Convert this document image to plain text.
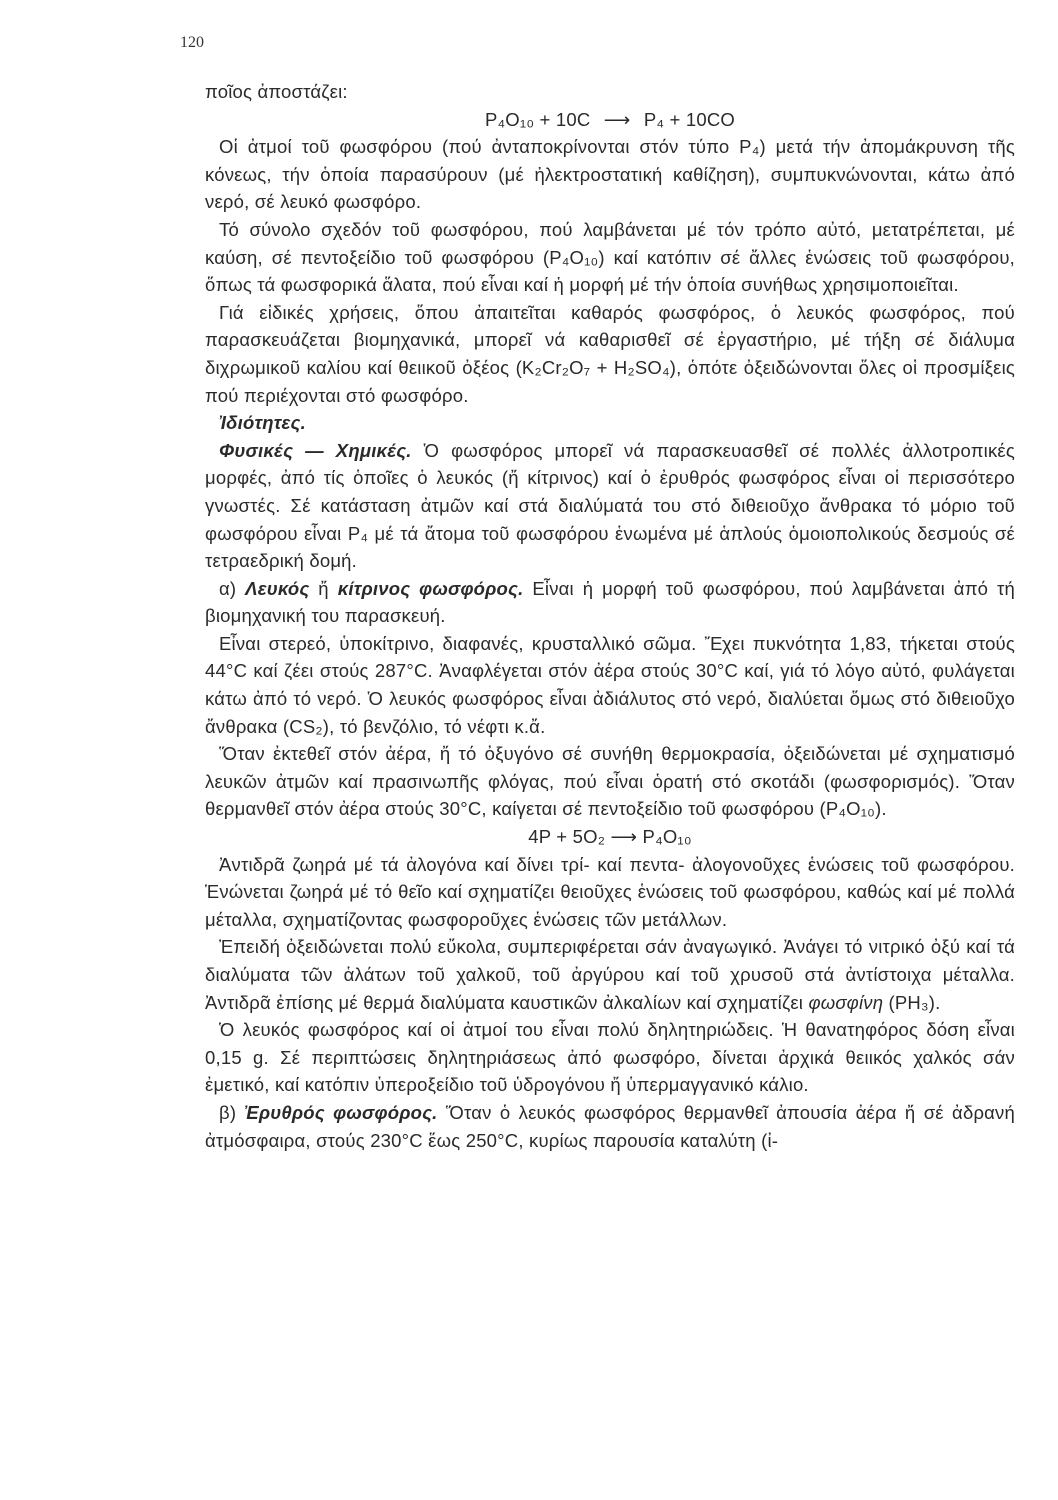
120

ποῖος ἀποστάζει:

P₄O₁₀ + 10C ⟶ P₄ + 10CO

Οἱ ἀτμοί τοῦ φωσφόρου (πού ἀνταποκρίνονται στόν τύπο P₄) μετά τήν ἀπομάκρυνση τῆς κόνεως, τήν ὁποία παρασύρουν (μέ ἠλεκτροστατική καθίζηση), συμπυκνώνονται, κάτω ἀπό νερό, σέ λευκό φωσφόρο.

Τό σύνολο σχεδόν τοῦ φωσφόρου, πού λαμβάνεται μέ τόν τρόπο αὐτό, μετατρέπεται, μέ καύση, σέ πεντοξείδιο τοῦ φωσφόρου (P₄O₁₀) καί κατόπιν σέ ἄλλες ἑνώσεις τοῦ φωσφόρου, ὅπως τά φωσφορικά ἅλατα, πού εἶναι καί ἡ μορφή μέ τήν ὁποία συνήθως χρησιμοποιεῖται.

Γιά εἰδικές χρήσεις, ὅπου ἀπαιτεῖται καθαρός φωσφόρος, ὁ λευκός φωσφόρος, πού παρασκευάζεται βιομηχανικά, μπορεῖ νά καθαρισθεῖ σέ ἐργαστήριο, μέ τήξη σέ διάλυμα διχρωμικοῦ καλίου καί θειικοῦ ὀξέος (K₂Cr₂O₇ + H₂SO₄), ὁπότε ὀξειδώνονται ὅλες οἱ προσμίξεις πού περιέχονται στό φωσφόρο.

Ἰδιότητες.

Φυσικές — Χημικές. Ὁ φωσφόρος μπορεῖ νά παρασκευασθεῖ σέ πολλές ἀλλοτροπικές μορφές, ἀπό τίς ὁποῖες ὁ λευκός (ἤ κίτρινος) καί ὁ ἐρυθρός φωσφόρος εἶναι οἱ περισσότερο γνωστές. Σέ κατάσταση ἀτμῶν καί στά διαλύματά του στό διθειοῦχο ἄνθρακα τό μόριο τοῦ φωσφόρου εἶναι P₄ μέ τά ἄτομα τοῦ φωσφόρου ἑνωμένα μέ ἁπλούς ὁμοιοπολικούς δεσμούς σέ τετραεδρική δομή.

α) Λευκός ἤ κίτρινος φωσφόρος. Εἶναι ἡ μορφή τοῦ φωσφόρου, πού λαμβάνεται ἀπό τή βιομηχανική του παρασκευή.

Εἶναι στερεό, ὑποκίτρινο, διαφανές, κρυσταλλικό σῶμα. Ἔχει πυκνότητα 1,83, τήκεται στούς 44°C καί ζέει στούς 287°C. Ἀναφλέγεται στόν ἀέρα στούς 30°C καί, γιά τό λόγο αὐτό, φυλάγεται κάτω ἀπό τό νερό. Ὁ λευκός φωσφόρος εἶναι ἀδιάλυτος στό νερό, διαλύεται ὅμως στό διθειοῦχο ἄνθρακα (CS₂), τό βενζόλιο, τό νέφτι κ.ἄ.

Ὅταν ἐκτεθεῖ στόν ἀέρα, ἤ τό ὀξυγόνο σέ συνήθη θερμοκρασία, ὀξειδώνεται μέ σχηματισμό λευκῶν ἀτμῶν καί πρασινωπῆς φλόγας, πού εἶναι ὁρατή στό σκοτάδι (φωσφορισμός). Ὅταν θερμανθεῖ στόν ἀέρα στούς 30°C, καίγεται σέ πεντοξείδιο τοῦ φωσφόρου (P₄O₁₀).

4P + 5O₂ ⟶ P₄O₁₀

Ἀντιδρᾶ ζωηρά μέ τά ἀλογόνα καί δίνει τρί- καί πεντα- ἀλογονοῦχες ἑνώσεις τοῦ φωσφόρου. Ἑνώνεται ζωηρά μέ τό θεῖο καί σχηματίζει θειοῦχες ἑνώσεις τοῦ φωσφόρου, καθώς καί μέ πολλά μέταλλα, σχηματίζοντας φωσφοροῦχες ἑνώσεις τῶν μετάλλων.

Ἐπειδή ὀξειδώνεται πολύ εὔκολα, συμπεριφέρεται σάν ἀναγωγικό. Ἀνάγει τό νιτρικό ὀξύ καί τά διαλύματα τῶν ἁλάτων τοῦ χαλκοῦ, τοῦ ἀργύρου καί τοῦ χρυσοῦ στά ἀντίστοιχα μέταλλα. Ἀντιδρᾶ ἐπίσης μέ θερμά διαλύματα καυστικῶν ἀλκαλίων καί σχηματίζει φωσφίνη (PH₃).

Ὁ λευκός φωσφόρος καί οἱ ἀτμοί του εἶναι πολύ δηλητηριώδεις. Ἡ θανατηφόρος δόση εἶναι 0,15 g. Σέ περιπτώσεις δηλητηριάσεως ἀπό φωσφόρο, δίνεται ἀρχικά θειικός χαλκός σάν ἐμετικό, καί κατόπιν ὑπεροξείδιο τοῦ ὑδρογόνου ἤ ὑπερμαγγανικό κάλιο.

β) Ἐρυθρός φωσφόρος. Ὅταν ὁ λευκός φωσφόρος θερμανθεῖ ἀπουσία ἀέρα ἤ σέ ἀδρανή ἀτμόσφαιρα, στούς 230°C ἕως 250°C, κυρίως παρουσία καταλύτη (ἰ-
